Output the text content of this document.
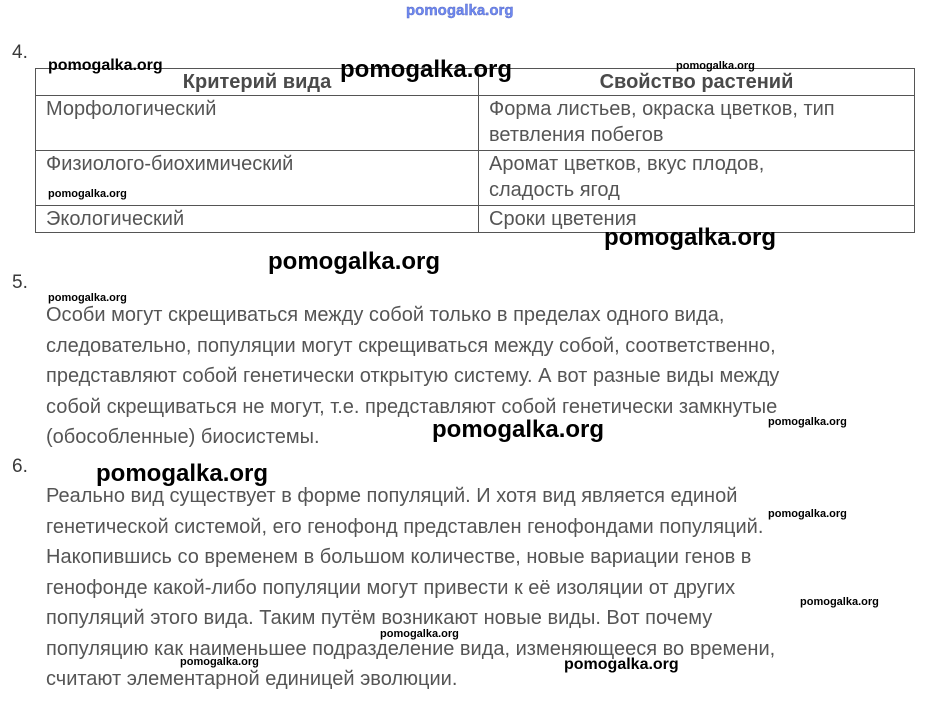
pomogalka.org
4.
Критерий вида	Свойство растений
Морфологический	Форма листьев, окраска цветков, тип
ветвления побегов

Физиолого-биохимический	Аромат цветков, вкус плодов,
сладость ягод

Экологический	Сроки цветения
5.

Особи могут скрещиваться между собой только в пределах одного вида,
следовательно, популяции могут скрещиваться между собой, соответственно,
представляют собой генетически открытую систему. А вот разные виды между
собой скрещиваться не могут, т.е. представляют собой генетически замкнутые
(обособленные) биосистемы.

6.

Реально вид существует в форме популяций. И хотя вид является единой
генетической системой, его генофонд представлен генофондами популяций.
Накопившись со временем в большом количестве, новые вариации генов в
генофонде какой-либо популяции могут привести к её изоляции от других
популяций этого вида. Таким путём возникают новые виды. Вот почему
популяцию как наименьшее подразделение вида, изменяющееся во времени,
считают элементарной единицей эволюции.

pomogalka.org	pomogalka.org	pomogalka.org
pomogalka.org
pomogalka.org
pomogalka.org
pomogalka.org
pomogalka.org	pomogalka.org
pomogalka.org
pomogalka.org
pomogalka.org
pomogalka.org
pomogalka.org	pomogalka.org
